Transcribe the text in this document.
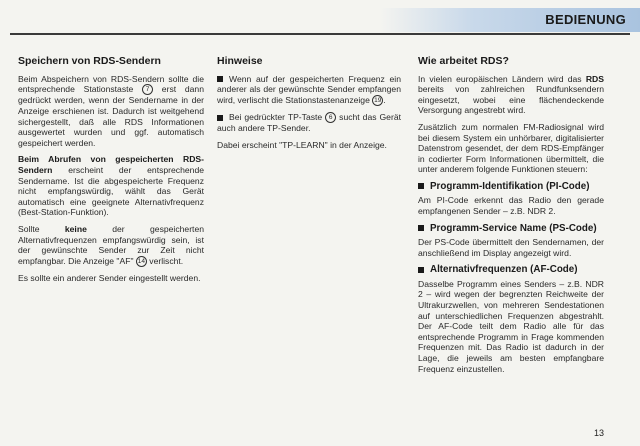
BEDIENUNG
Speichern von RDS-Sendern

Beim Abspeichern von RDS-Sendern sollte die entsprechende Stationstaste 7 erst dann gedrückt werden, wenn der Sendername in der Anzeige erschienen ist. Dadurch ist weitgehend sichergestellt, daß alle RDS Informationen ausgewertet wurden und ggf. automatisch gespeichert werden.

Beim Abrufen von gespeicherten RDS-Sendern erscheint der entsprechende Sendername. Ist die abgespeicherte Frequenz nicht empfangswürdig, wählt das Gerät automatisch eine geeignete Alternativfrequenz (Best-Station-Funktion).

Sollte keine der gespeicherten Alternativfrequenzen empfangswürdig sein, ist der gewünschte Sender zur Zeit nicht empfangbar. Die Anzeige "AF" 14 verlischt.

Es sollte ein anderer Sender eingestellt werden.

Hinweise

Wenn auf der gespeicherten Frequenz ein anderer als der gewünschte Sender empfangen wird, verlischt die Stationstastenanzeige 19 .

Bei gedrückter TP-Taste 6 sucht das Gerät auch andere TP-Sender.

Dabei erscheint "TP-LEARN" in der Anzeige.

Wie arbeitet RDS?

In vielen europäischen Ländern wird das RDS bereits von zahlreichen Rundfunksendern eingesetzt, wobei eine flächendeckende Versorgung angestrebt wird.

Zusätzlich zum normalen FM-Radiosignal wird bei diesem System ein unhörbarer, digitalisierter Datenstrom gesendet, der dem RDS-Empfänger in codierter Form Informationen übermittelt, die unter anderem folgende Funktionen steuern:

Programm-Identifikation (PI-Code)

Am PI-Code erkennt das Radio den gerade empfangenen Sender – z.B. NDR 2.

Programm-Service Name (PS-Code)

Der PS-Code übermittelt den Sendernamen, der anschließend im Display angezeigt wird.

Alternativfrequenzen (AF-Code)

Dasselbe Programm eines Senders – z.B. NDR 2 – wird wegen der begrenzten Reichweite der Ultrakurzwellen, von mehreren Sendestationen auf unterschiedlichen Frequenzen abgestrahlt. Der AF-Code teilt dem Radio alle für das entsprechende Programm in Frage kommenden Frequenzen mit. Das Radio ist dadurch in der Lage, die jeweils am besten empfangbare Frequenz einzustellen.

13
